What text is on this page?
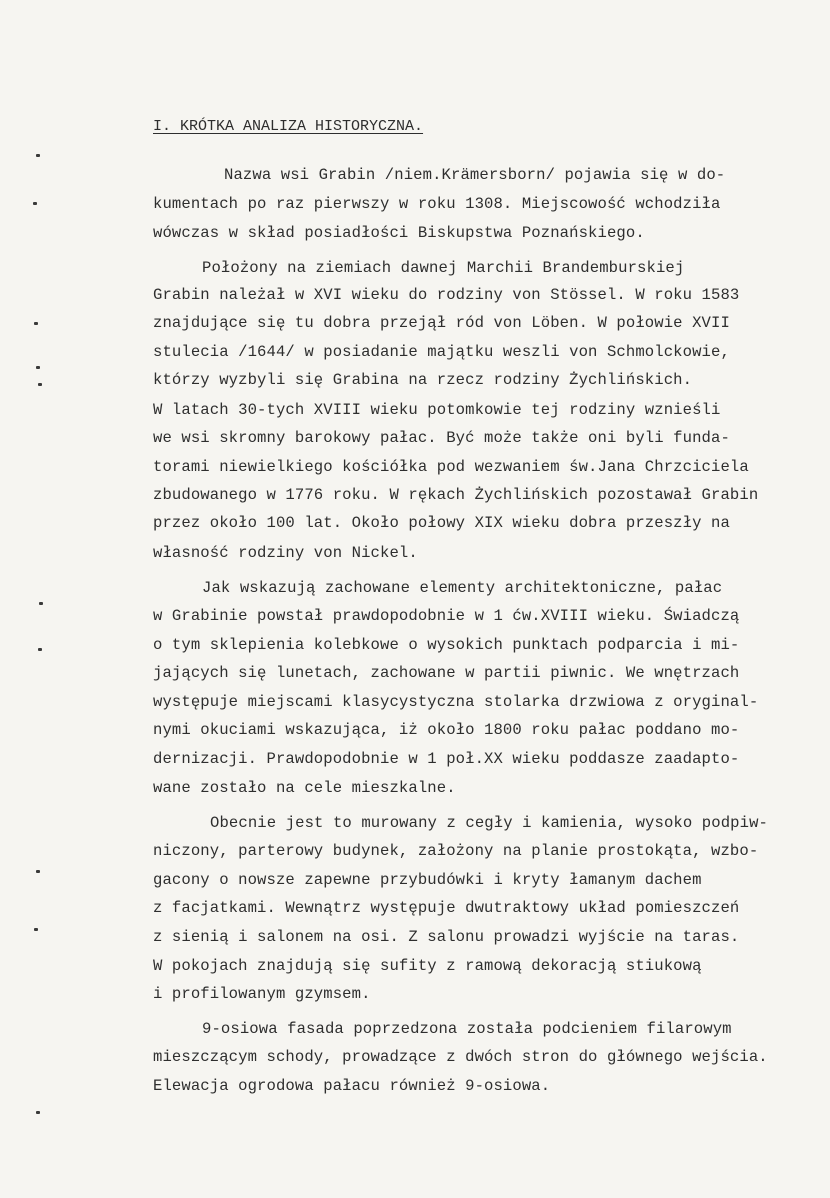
I. KRÓTKA ANALIZA HISTORYCZNA.
Nazwa wsi Grabin /niem.Krämersborn/ pojawia się w do-
kumentach po raz pierwszy w roku 1308. Miejscowość wchodziła
wówczas w skład posiadłości Biskupstwa Poznańskiego.
Położony na ziemiach dawnej Marchii Brandemburskiej
Grabin należał w XVI wieku do rodziny von Stössel. W roku 1583
znajdujące się tu dobra przejął ród von Löben. W połowie XVII
stulecia /1644/ w posiadanie majątku weszli von Schmolckowie,
którzy wyzbyli się Grabina na rzecz rodziny Żychlińskich.
W latach 30-tych XVIII wieku potomkowie tej rodziny wznieśli
we wsi skromny barokowy pałac. Być może także oni byli funda-
torami niewielkiego kościółka pod wezwaniem św.Jana Chrzciciela
zbudowanego w 1776 roku. W rękach Żychlińskich pozostawał Grabin
przez około 100 lat. Około połowy XIX wieku dobra przeszły na
własność rodziny von Nickel.
Jak wskazują zachowane elementy architektoniczne, pałac
w Grabinie powstał prawdopodobnie w 1 ćw.XVIII wieku. Świadczą
o tym sklepienia kolebkowe o wysokich punktach podparcia i mi-
jających się lunetach, zachowane w partii piwnic. We wnętrzach
występuje miejscami klasycystyczna stolarka drzwiowa z oryginal-
nymi okuciami wskazująca, iż około 1800 roku pałac poddano mo-
dernizacji. Prawdopodobnie w 1 poł.XX wieku poddasze zaadapto-
wane zostało na cele mieszkalne.
Obecnie jest to murowany z cegły i kamienia, wysoko podpiw-
niczony, parterowy budynek, założony na planie prostokąta, wzbo-
gacony o nowsze zapewne przybudówki i kryty łamanym dachem
z facjatkami. Wewnątrz występuje dwutraktowy układ pomieszczeń
z sienią i salonem na osi. Z salonu prowadzi wyjście na taras.
W pokojach znajdują się sufity z ramową dekoracją stiukową
i profilowanym gzymsem.
9-osiowa fasada poprzedzona została podcieniem filarowym
mieszczącym schody, prowadzące z dwóch stron do głównego wejścia.
Elewacja ogrodowa pałacu również 9-osiowa.
